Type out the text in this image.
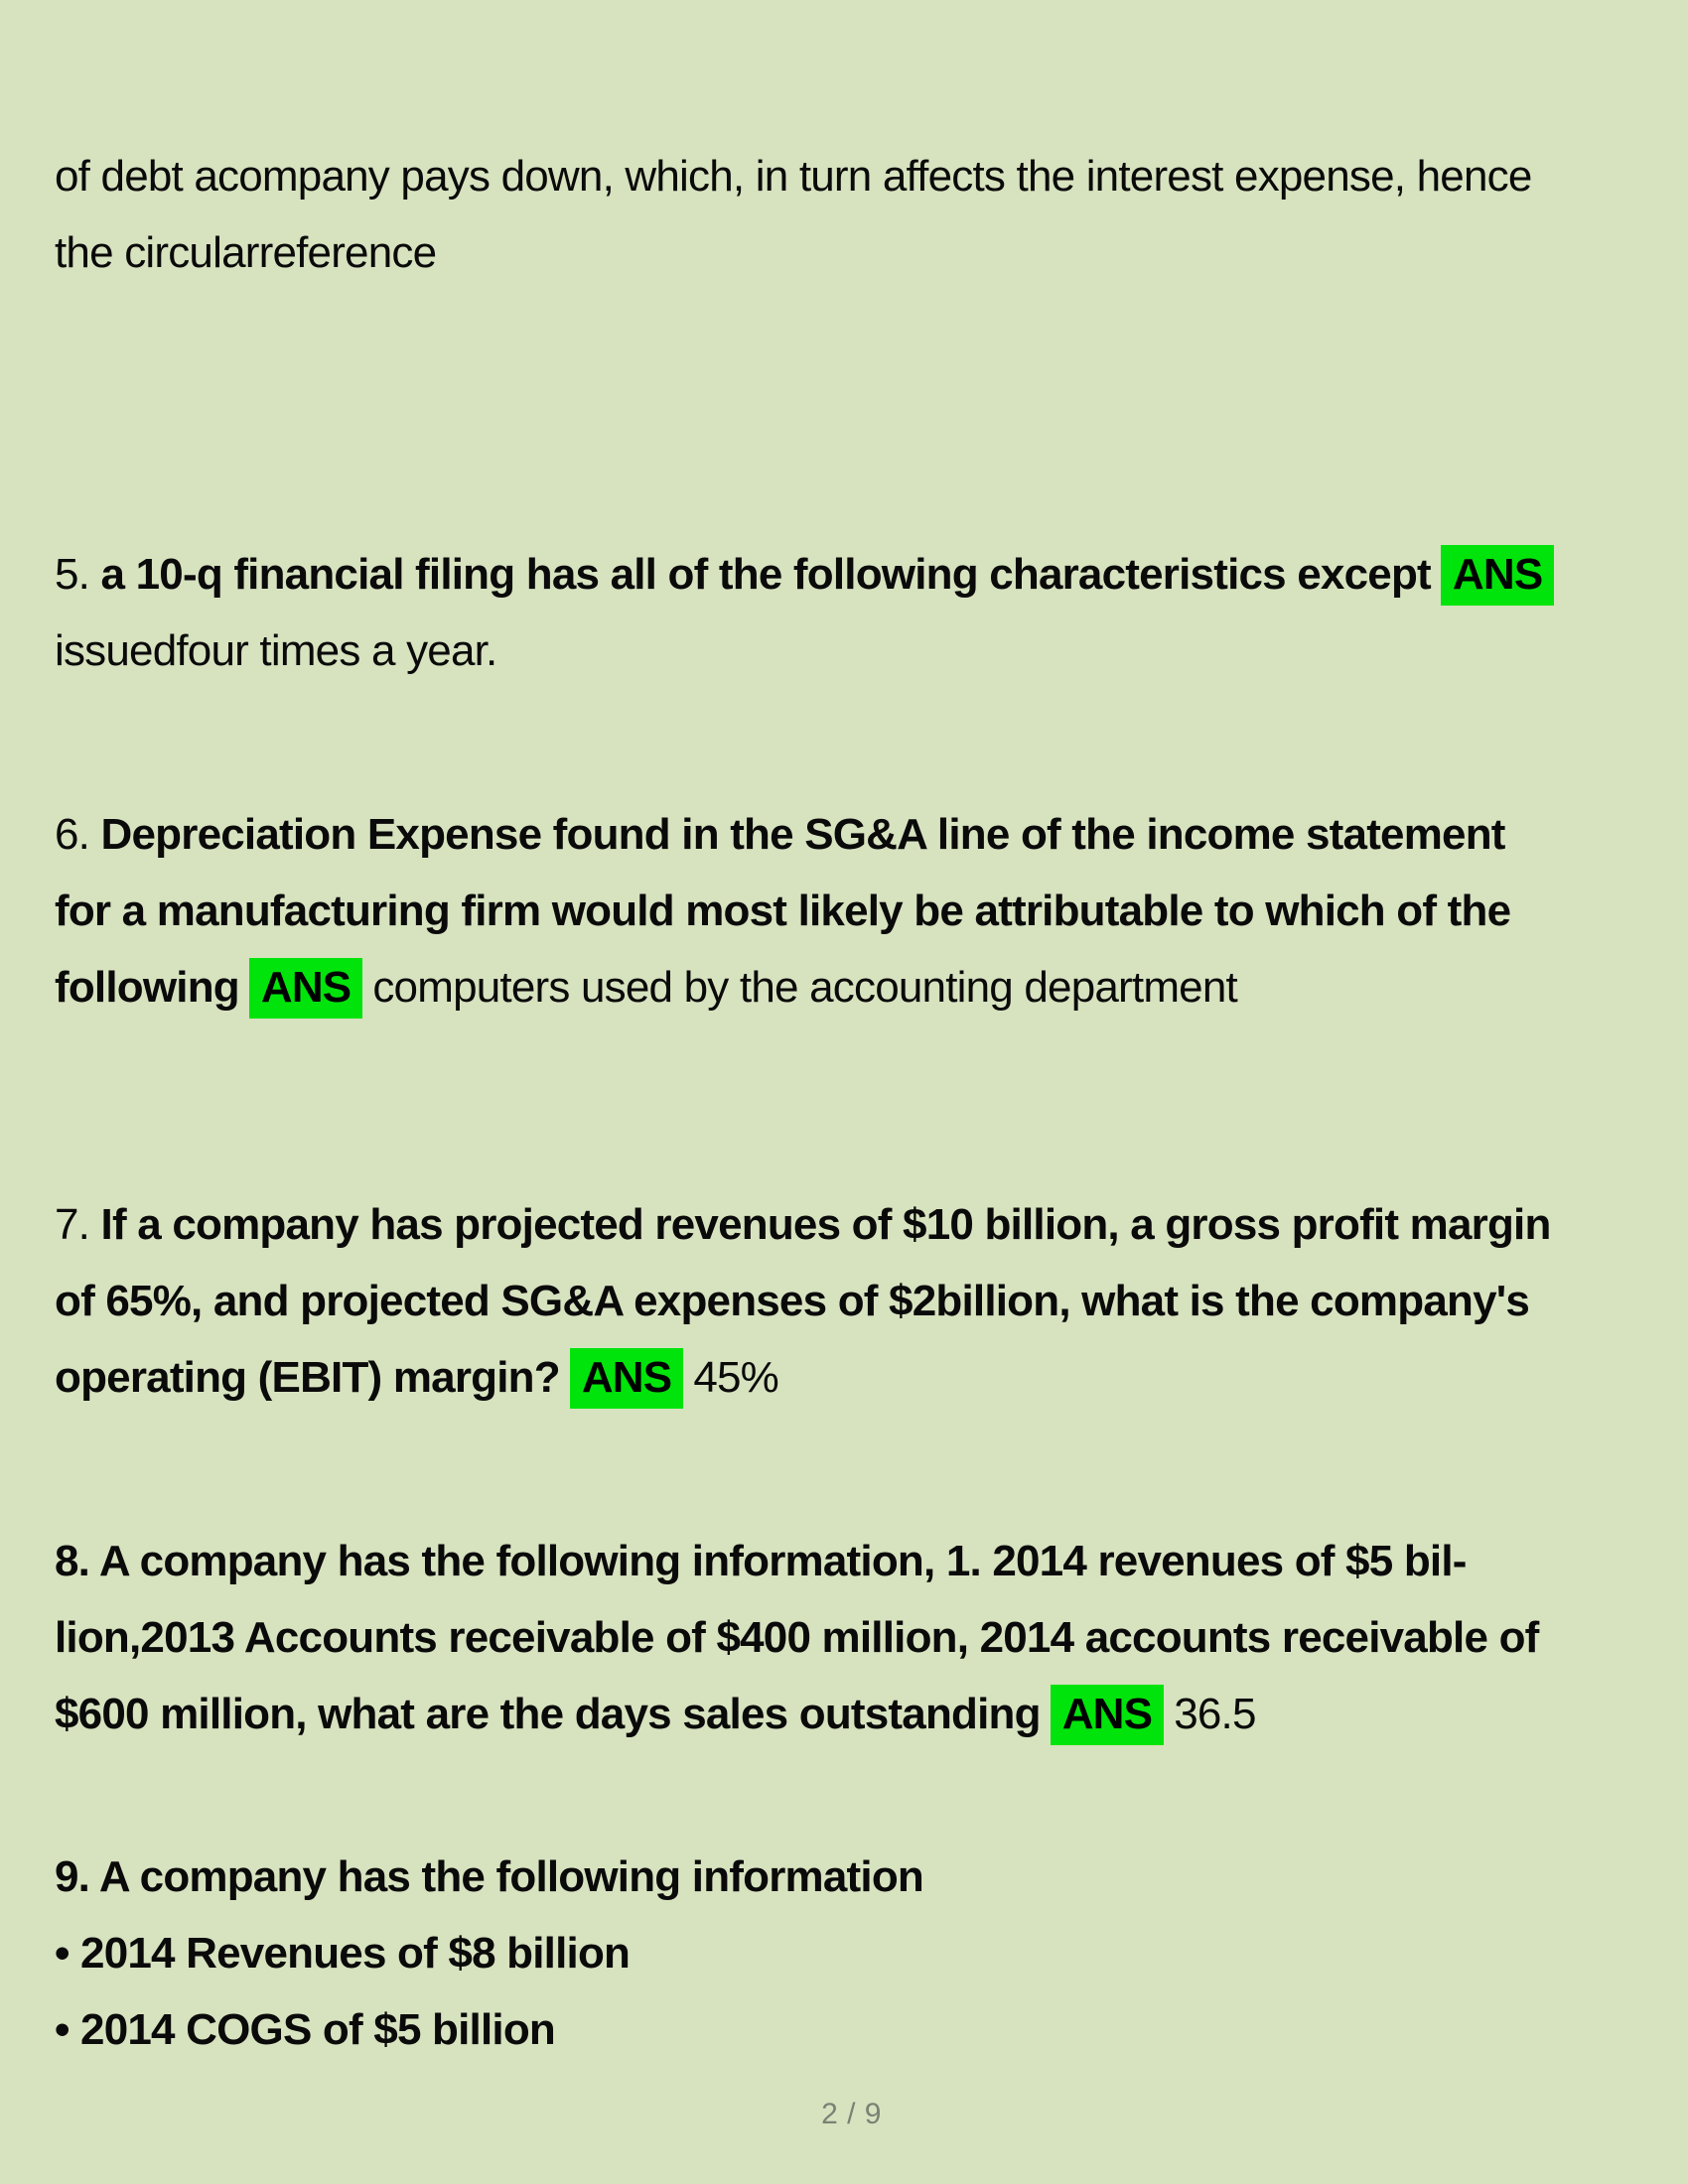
of debt acompany pays down, which, in turn affects the interest expense, hence
the circularreference
5. a 10-q financial filing has all of the following characteristics except ANS
issuedfour times a year.
6. Depreciation Expense found in the SG&A line of the income statement
for a manufacturing firm would most likely be attributable to which of the
following ANS computers used by the accounting department
7. If a company has projected revenues of $10 billion, a gross profit margin
of 65%, and projected SG&A expenses of $2billion, what is the company's
operating (EBIT) margin? ANS 45%
8. A company has the following information, 1. 2014 revenues of $5 bil-
lion,2013 Accounts receivable of $400 million, 2014 accounts receivable of
$600 million, what are the days sales outstanding ANS 36.5
9. A company has the following information
• 2014 Revenues of $8 billion
• 2014 COGS of $5 billion
2 / 9
